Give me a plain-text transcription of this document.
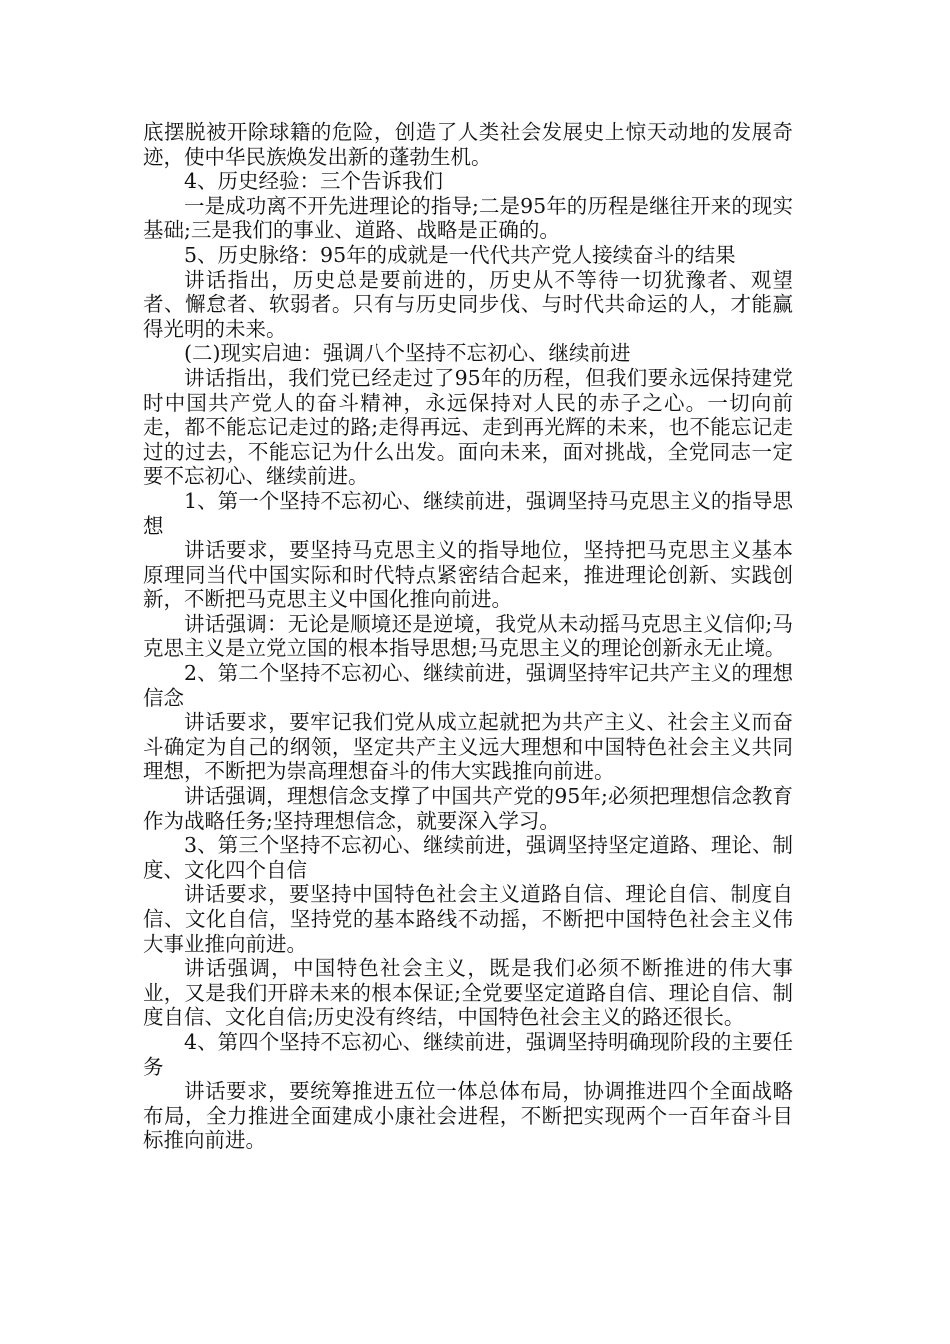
底摆脱被开除球籍的危险，创造了人类社会发展史上惊天动地的发展奇迹，使中华民族焕发出新的蓬勃生机。

4、历史经验：三个告诉我们

一是成功离不开先进理论的指导;二是95年的历程是继往开来的现实基础;三是我们的事业、道路、战略是正确的。

5、历史脉络：95年的成就是一代代共产党人接续奋斗的结果

讲话指出，历史总是要前进的，历史从不等待一切犹豫者、观望者、懈怠者、软弱者。只有与历史同步伐、与时代共命运的人，才能赢得光明的未来。

(二)现实启迪：强调八个坚持不忘初心、继续前进

讲话指出，我们党已经走过了95年的历程，但我们要永远保持建党时中国共产党人的奋斗精神，永远保持对人民的赤子之心。一切向前走，都不能忘记走过的路;走得再远、走到再光辉的未来，也不能忘记走过的过去，不能忘记为什么出发。面向未来，面对挑战，全党同志一定要不忘初心、继续前进。

1、第一个坚持不忘初心、继续前进，强调坚持马克思主义的指导思想

讲话要求，要坚持马克思主义的指导地位，坚持把马克思主义基本原理同当代中国实际和时代特点紧密结合起来，推进理论创新、实践创新，不断把马克思主义中国化推向前进。

讲话强调：无论是顺境还是逆境，我党从未动摇马克思主义信仰;马克思主义是立党立国的根本指导思想;马克思主义的理论创新永无止境。

2、第二个坚持不忘初心、继续前进，强调坚持牢记共产主义的理想信念

讲话要求，要牢记我们党从成立起就把为共产主义、社会主义而奋斗确定为自己的纲领，坚定共产主义远大理想和中国特色社会主义共同理想，不断把为崇高理想奋斗的伟大实践推向前进。

讲话强调，理想信念支撑了中国共产党的95年;必须把理想信念教育作为战略任务;坚持理想信念，就要深入学习。

3、第三个坚持不忘初心、继续前进，强调坚持坚定道路、理论、制度、文化四个自信

讲话要求，要坚持中国特色社会主义道路自信、理论自信、制度自信、文化自信，坚持党的基本路线不动摇，不断把中国特色社会主义伟大事业推向前进。

讲话强调，中国特色社会主义，既是我们必须不断推进的伟大事业，又是我们开辟未来的根本保证;全党要坚定道路自信、理论自信、制度自信、文化自信;历史没有终结，中国特色社会主义的路还很长。

4、第四个坚持不忘初心、继续前进，强调坚持明确现阶段的主要任务

讲话要求，要统筹推进五位一体总体布局，协调推进四个全面战略布局，全力推进全面建成小康社会进程，不断把实现两个一百年奋斗目标推向前进。
